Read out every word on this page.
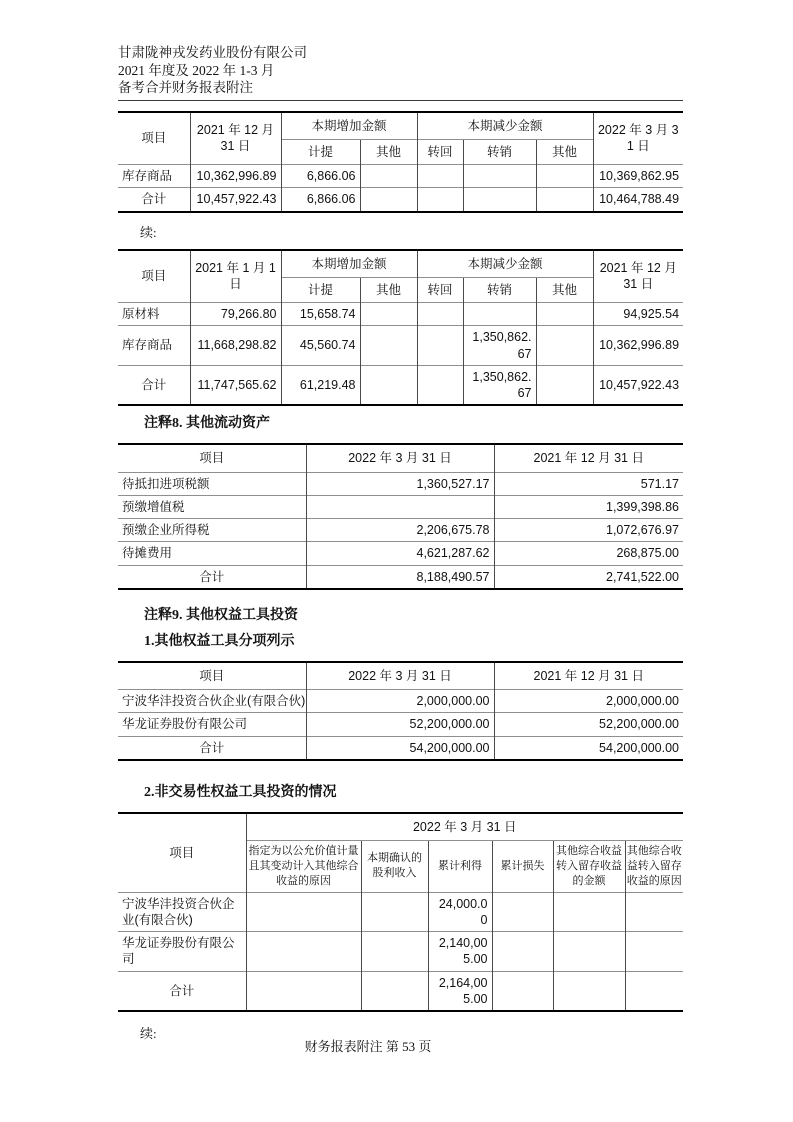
甘肃陇神戎发药业股份有限公司
2021 年度及 2022 年 1-3 月
备考合并财务报表附注
项目	2021 年 12 月 31 日	本期增加金额		本期减少金额			2022 年 3 月 31 日
		计提	其他	转回	转销	其他	
库存商品	10,362,996.89	6,866.06					10,369,862.95
合计	10,457,922.43	6,866.06					10,464,788.49
续:
项目	2021 年 1 月 1 日	本期增加金额		本期减少金额			2021 年 12 月 31 日
		计提	其他	转回	转销	其他	
原材料	79,266.80	15,658.74					94,925.54
库存商品	11,668,298.82	45,560.74			1,350,862.67		10,362,996.89
合计	11,747,565.62	61,219.48			1,350,862.67		10,457,922.43
注释8. 其他流动资产
项目	2022 年 3 月 31 日	2021 年 12 月 31 日
待抵扣进项税额	1,360,527.17	571.17
预缴增值税		1,399,398.86
预缴企业所得税	2,206,675.78	1,072,676.97
待摊费用	4,621,287.62	268,875.00
合计	8,188,490.57	2,741,522.00
注释9. 其他权益工具投资
1.其他权益工具分项列示
项目	2022 年 3 月 31 日	2021 年 12 月 31 日
宁波华沣投资合伙企业(有限合伙)	2,000,000.00	2,000,000.00
华龙证券股份有限公司	52,200,000.00	52,200,000.00
合计	54,200,000.00	54,200,000.00
2.非交易性权益工具投资的情况
项目	2022 年 3 月 31 日					
	指定为以公允价值计量且其变动计入其他综合收益的原因	本期确认的股利收入	累计利得	累计损失	其他综合收益转入留存收益的金额	其他综合收益转入留存收益的原因
宁波华沣投资合伙企业(有限合伙)			24,000.00			
华龙证券股份有限公司			2,140,005.00			
合计			2,164,005.00			
续:
财务报表附注 第 53 页
